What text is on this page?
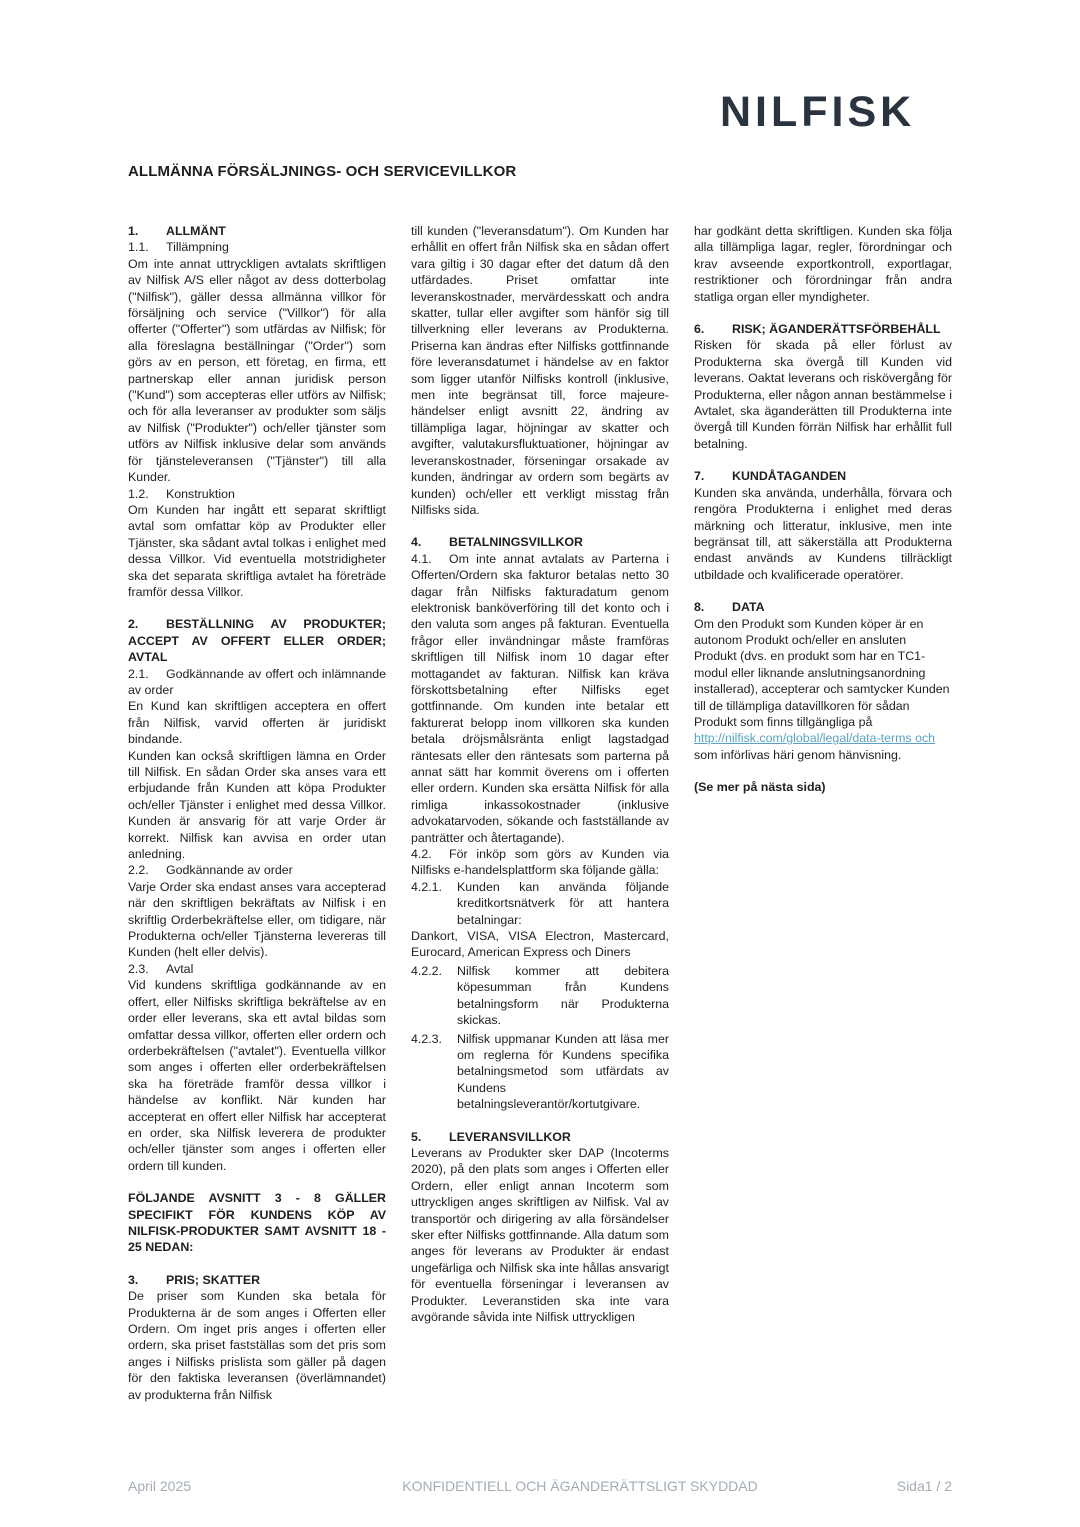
NILFISK
ALLMÄNNA FÖRSÄLJNINGS- OCH SERVICEVILLKOR

1. ALLMÄNT

1.1. Tillämpning

Om inte annat uttryckligen avtalats skriftligen av Nilfisk A/S eller något av dess dotterbolag ("Nilfisk"), gäller dessa allmänna villkor för försäljning och service ("Villkor") för alla offerter ("Offerter") som utfärdas av Nilfisk; för alla föreslagna beställningar ("Order") som görs av en person, ett företag, en firma, ett partnerskap eller annan juridisk person ("Kund") som accepteras eller utförs av Nilfisk; och för alla leveranser av produkter som säljs av Nilfisk ("Produkter") och/eller tjänster som utförs av Nilfisk inklusive delar som används för tjänsteleveransen ("Tjänster") till alla Kunder.

1.2. Konstruktion

Om Kunden har ingått ett separat skriftligt avtal som omfattar köp av Produkter eller Tjänster, ska sådant avtal tolkas i enlighet med dessa Villkor. Vid eventuella motstridigheter ska det separata skriftliga avtalet ha företräde framför dessa Villkor.

2. BESTÄLLNING AV PRODUKTER; ACCEPT AV OFFERT ELLER ORDER; AVTAL

2.1. Godkännande av offert och inlämnande av order

En Kund kan skriftligen acceptera en offert från Nilfisk, varvid offerten är juridiskt bindande.

Kunden kan också skriftligen lämna en Order till Nilfisk. En sådan Order ska anses vara ett erbjudande från Kunden att köpa Produkter och/eller Tjänster i enlighet med dessa Villkor. Kunden är ansvarig för att varje Order är korrekt. Nilfisk kan avvisa en order utan anledning.

2.2. Godkännande av order

Varje Order ska endast anses vara accepterad när den skriftligen bekräftats av Nilfisk i en skriftlig Orderbekräftelse eller, om tidigare, när Produkterna och/eller Tjänsterna levereras till Kunden (helt eller delvis).

2.3. Avtal

Vid kundens skriftliga godkännande av en offert, eller Nilfisks skriftliga bekräftelse av en order eller leverans, ska ett avtal bildas som omfattar dessa villkor, offerten eller ordern och orderbekräftelsen ("avtalet"). Eventuella villkor som anges i offerten eller orderbekräftelsen ska ha företräde framför dessa villkor i händelse av konflikt. När kunden har accepterat en offert eller Nilfisk har accepterat en order, ska Nilfisk leverera de produkter och/eller tjänster som anges i offerten eller ordern till kunden.

FÖLJANDE AVSNITT 3 - 8 GÄLLER SPECIFIKT FÖR KUNDENS KÖP AV NILFISK-PRODUKTER SAMT AVSNITT 18 - 25 NEDAN:

3. PRIS; SKATTER

De priser som Kunden ska betala för Produkterna är de som anges i Offerten eller Ordern. Om inget pris anges i offerten eller ordern, ska priset fastställas som det pris som anges i Nilfisks prislista som gäller på dagen för den faktiska leveransen (överlämnandet) av produkterna från Nilfisk

till kunden ("leveransdatum"). Om Kunden har erhållit en offert från Nilfisk ska en sådan offert vara giltig i 30 dagar efter det datum då den utfärdades. Priset omfattar inte leveranskostnader, mervärdesskatt och andra skatter, tullar eller avgifter som hänför sig till tillverkning eller leverans av Produkterna. Priserna kan ändras efter Nilfisks gottfinnande före leveransdatumet i händelse av en faktor som ligger utanför Nilfisks kontroll (inklusive, men inte begränsat till, force majeure-händelser enligt avsnitt 22, ändring av tillämpliga lagar, höjningar av skatter och avgifter, valutakursfluktuationer, höjningar av leveranskostnader, förseningar orsakade av kunden, ändringar av ordern som begärts av kunden) och/eller ett verkligt misstag från Nilfisks sida.

4. BETALNINGSVILLKOR

4.1. Om inte annat avtalats av Parterna i Offerten/Ordern ska fakturor betalas netto 30 dagar från Nilfisks fakturadatum genom elektronisk banköverföring till det konto och i den valuta som anges på fakturan. Eventuella frågor eller invändningar måste framföras skriftligen till Nilfisk inom 10 dagar efter mottagandet av fakturan. Nilfisk kan kräva förskottsbetalning efter Nilfisks eget gottfinnande. Om kunden inte betalar ett fakturerat belopp inom villkoren ska kunden betala dröjsmålsränta enligt lagstadgad räntesats eller den räntesats som parterna på annat sätt har kommit överens om i offerten eller ordern. Kunden ska ersätta Nilfisk för alla rimliga inkassokostnader (inklusive advokatarvoden, sökande och fastställande av panträtter och återtagande).

4.2. För inköp som görs av Kunden via Nilfisks e-handelsplattform ska följande gälla:

4.2.1.	Kunden kan använda följande kreditkortsnätverk för att hantera betalningar:

Dankort, VISA, VISA Electron, Mastercard, Eurocard, American Express och Diners

4.2.2.	Nilfisk kommer att debitera köpesumman från Kundens betalningsform när Produkterna skickas.
4.2.3.	Nilfisk uppmanar Kunden att läsa mer om reglerna för Kundens specifika betalningsmetod som utfärdats av Kundens betalningsleverantör/kortutgivare.

5. LEVERANSVILLKOR

Leverans av Produkter sker DAP (Incoterms 2020), på den plats som anges i Offerten eller Ordern, eller enligt annan Incoterm som uttryckligen anges skriftligen av Nilfisk. Val av transportör och dirigering av alla försändelser sker efter Nilfisks gottfinnande. Alla datum som anges för leverans av Produkter är endast ungefärliga och Nilfisk ska inte hållas ansvarigt för eventuella förseningar i leveransen av Produkter. Leveranstiden ska inte vara avgörande såvida inte Nilfisk uttryckligen

har godkänt detta skriftligen. Kunden ska följa alla tillämpliga lagar, regler, förordningar och krav avseende exportkontroll, exportlagar, restriktioner och förordningar från andra statliga organ eller myndigheter.

6. RISK; ÄGANDERÄTTSFÖRBEHÅLL

Risken för skada på eller förlust av Produkterna ska övergå till Kunden vid leverans. Oaktat leverans och riskövergång för Produkterna, eller någon annan bestämmelse i Avtalet, ska äganderätten till Produkterna inte övergå till Kunden förrän Nilfisk har erhållit full betalning.

7. KUNDÅTAGANDEN

Kunden ska använda, underhålla, förvara och rengöra Produkterna i enlighet med deras märkning och litteratur, inklusive, men inte begränsat till, att säkerställa att Produkterna endast används av Kundens tillräckligt utbildade och kvalificerade operatörer.

8. DATA

Om den Produkt som Kunden köper är en autonom Produkt och/eller en ansluten Produkt (dvs. en produkt som har en TC1-modul eller liknande anslutningsanordning installerad), accepterar och samtycker Kunden till de tillämpliga datavillkoren för sådan Produkt som finns tillgängliga på http://nilfisk.com/global/legal/data-terms och som införlivas häri genom hänvisning.

(Se mer på nästa sida)

April 2025	KONFIDENTIELL OCH ÄGANDERÄTTSLIGT SKYDDAD	Sida1 / 2
